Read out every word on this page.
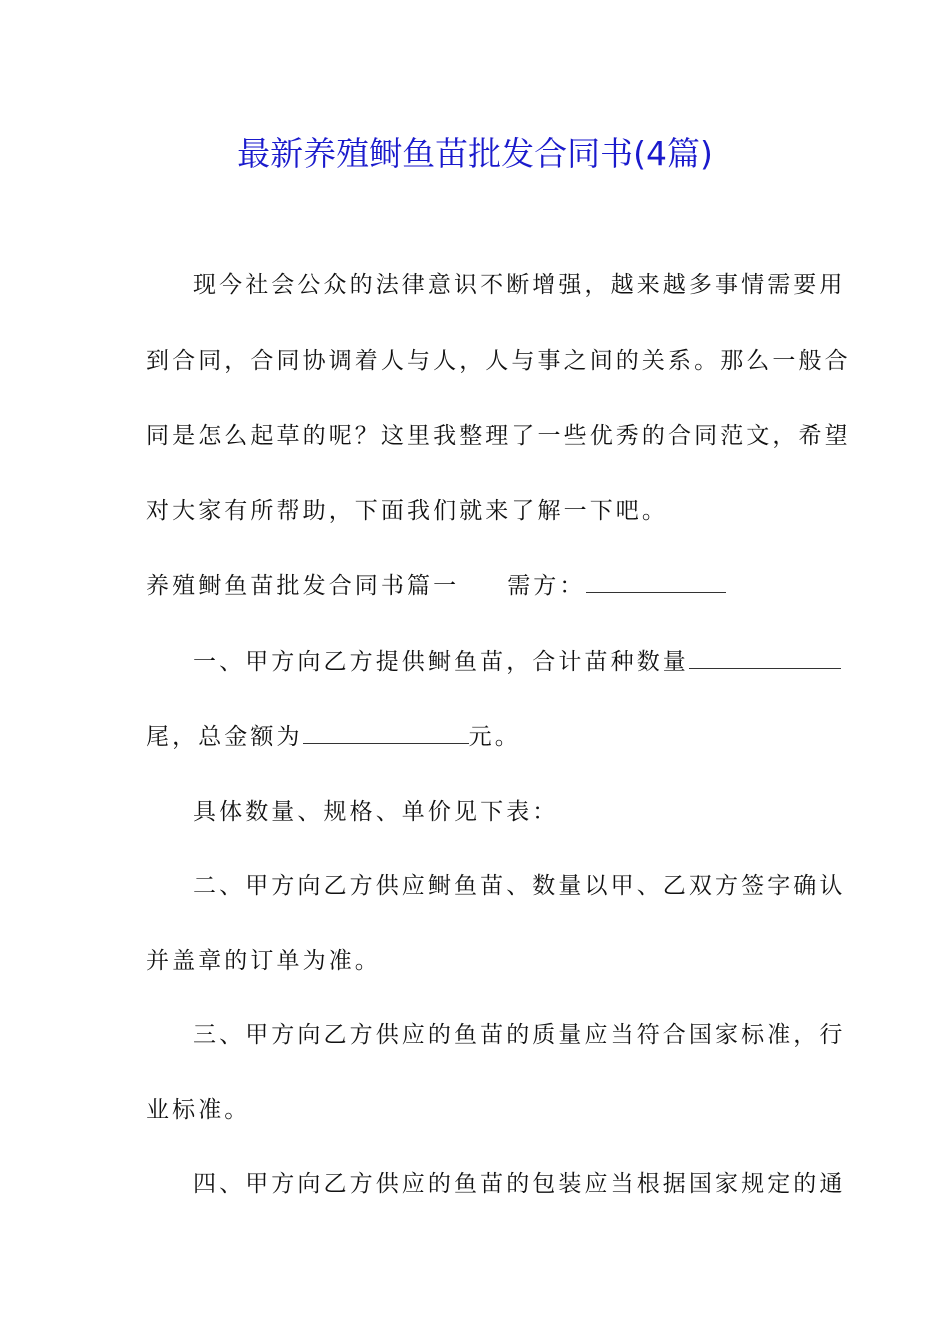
最新养殖鲥鱼苗批发合同书(4篇)
现今社会公众的法律意识不断增强，越来越多事情需要用
到合同，合同协调着人与人，人与事之间的关系。那么一般合
同是怎么起草的呢？这里我整理了一些优秀的合同范文，希望
对大家有所帮助，下面我们就来了解一下吧。
养殖鲥鱼苗批发合同书篇一 需方：
一、甲方向乙方提供鲥鱼苗，合计苗种数量
尾，总金额为	元。
具体数量、规格、单价见下表：
二、甲方向乙方供应鲥鱼苗、数量以甲、乙双方签字确认
并盖章的订单为准。
三、甲方向乙方供应的鱼苗的质量应当符合国家标准，行
业标准。
四、甲方向乙方供应的鱼苗的包装应当根据国家规定的通
